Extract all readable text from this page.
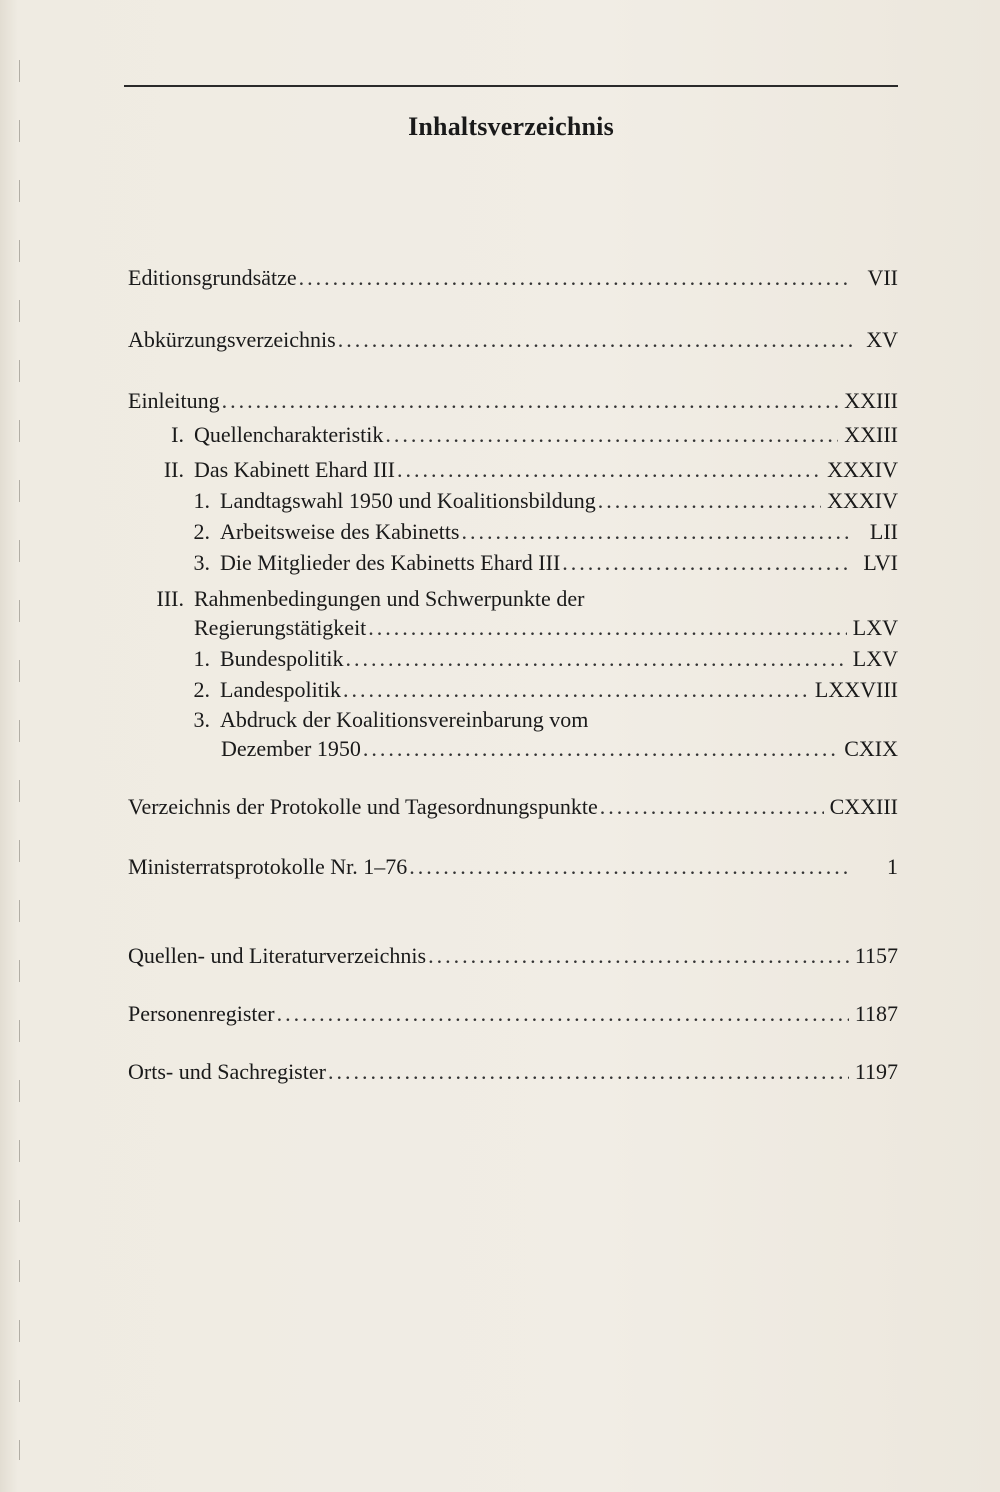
Inhaltsverzeichnis
Editionsgrundsätze .....	VII
Abkürzungsverzeichnis .....	XV
Einleitung .....	XXIII
I. Quellencharakteristik .....	XXIII
II. Das Kabinett Ehard III .....	XXXIV
1. Landtagswahl 1950 und Koalitionsbildung .....	XXXIV
2. Arbeitsweise des Kabinetts .....	LII
3. Die Mitglieder des Kabinetts Ehard III .....	LVI
III. Rahmenbedingungen und Schwerpunkte der
Regierungstätigkeit .....	LXV
1. Bundespolitik .....	LXV
2. Landespolitik .....	LXXVIII
3. Abdruck der Koalitionsvereinbarung vom
Dezember 1950 .....	CXIX
Verzeichnis der Protokolle und Tagesordnungspunkte .....	CXXIII
Ministerratsprotokolle Nr. 1–76 .....	1
Quellen- und Literaturverzeichnis .....	1157
Personenregister .....	1187
Orts- und Sachregister .....	1197
